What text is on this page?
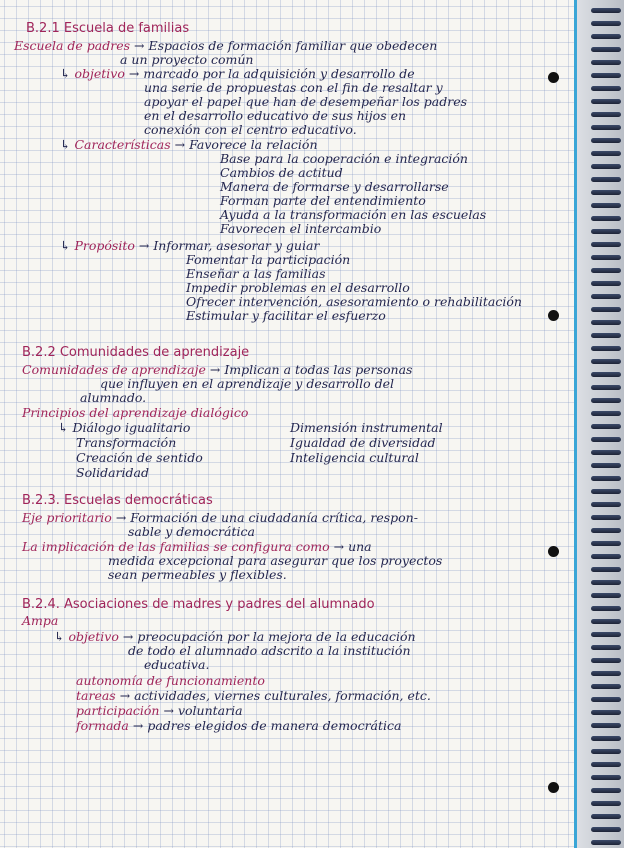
B.2.1 Escuela de familias
Escuela de padres → Espacios de formación familiar que obedecen
a un proyecto común
↳ objetivo → marcado por la adquisición y desarrollo de
una serie de propuestas con el fin de resaltar y
apoyar el papel que han de desempeñar los padres
en el desarrollo educativo de sus hijos en
conexión con el centro educativo.
↳ Características → Favorece la relación
Base para la cooperación e integración
Cambios de actitud
Manera de formarse y desarrollarse
Forman parte del entendimiento
Ayuda a la transformación en las escuelas
Favorecen el intercambio
↳ Propósito → Informar, asesorar y guiar
Fomentar la participación
Enseñar a las familias
Impedir problemas en el desarrollo
Ofrecer intervención, asesoramiento o rehabilitación
Estimular y facilitar el esfuerzo
B.2.2 Comunidades de aprendizaje
Comunidades de aprendizaje → Implican a todas las personas
que influyen en el aprendizaje y desarrollo del
alumnado.
Principios del aprendizaje dialógico
↳ Diálogo igualitario	Dimensión instrumental
Transformación	Igualdad de diversidad
Creación de sentido	Inteligencia cultural
Solidaridad
B.2.3. Escuelas democráticas
Eje prioritario → Formación de una ciudadanía crítica, respon-
sable y democrática
La implicación de las familias se configura como → una
medida excepcional para asegurar que los proyectos
sean permeables y flexibles.
B.2.4. Asociaciones de madres y padres del alumnado
Ampa
↳ objetivo → preocupación por la mejora de la educación
de todo el alumnado adscrito a la institución
educativa.
autonomía de funcionamiento
tareas → actividades, viernes culturales, formación, etc.
participación → voluntaria
formada → padres elegidos de manera democrática
